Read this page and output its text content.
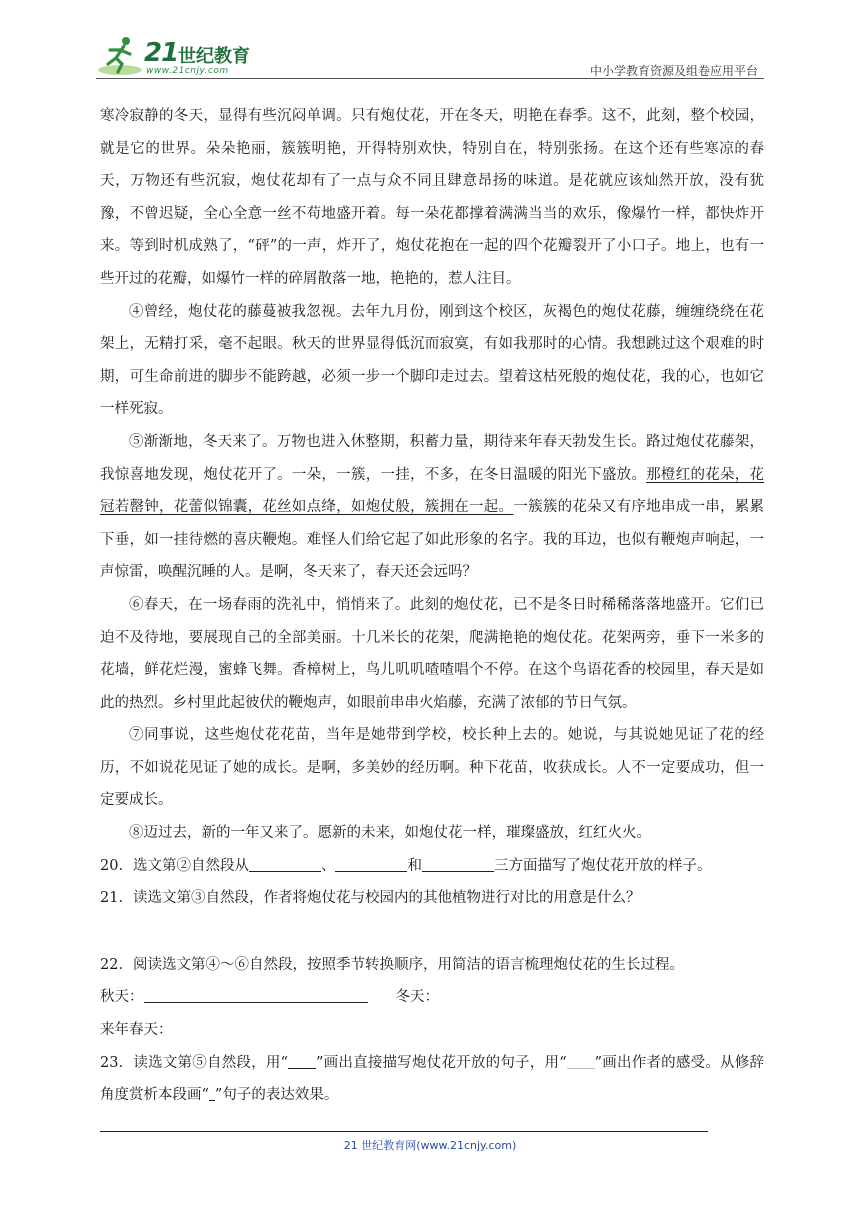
21 世纪教育
www.21cnjy.com	中小学教育资源及组卷应用平台

寒冷寂静的冬天，显得有些沉闷单调。只有炮仗花，开在冬天，明艳在春季。这不，此刻，整个校园，就是它的世界。朵朵艳丽，簇簇明艳，开得特别欢快，特别自在，特别张扬。在这个还有些寒凉的春天，万物还有些沉寂，炮仗花却有了一点与众不同且肆意昂扬的味道。是花就应该灿然开放，没有犹豫，不曾迟疑，全心全意一丝不苟地盛开着。每一朵花都撑着满满当当的欢乐，像爆竹一样，都快炸开来。等到时机成熟了，“砰”的一声，炸开了，炮仗花抱在一起的四个花瓣裂开了小口子。地上，也有一些开过的花瓣，如爆竹一样的碎屑散落一地，艳艳的，惹人注目。

④曾经，炮仗花的藤蔓被我忽视。去年九月份，刚到这个校区，灰褐色的炮仗花藤，缠缠绕绕在花架上，无精打采，毫不起眼。秋天的世界显得低沉而寂寞，有如我那时的心情。我想跳过这个艰难的时期，可生命前进的脚步不能跨越，必须一步一个脚印走过去。望着这枯死般的炮仗花，我的心，也如它一样死寂。

⑤渐渐地，冬天来了。万物也进入休整期，积蓄力量，期待来年春天勃发生长。路过炮仗花藤架，我惊喜地发现，炮仗花开了。一朵，一簇，一挂，不多，在冬日温暖的阳光下盛放。那橙红的花朵，花冠若罄钟，花蕾似锦囊，花丝如点绛，如炮仗般，簇拥在一起。一簇簇的花朵又有序地串成一串，累累下垂，如一挂待燃的喜庆鞭炮。难怪人们给它起了如此形象的名字。我的耳边，也似有鞭炮声响起，一声惊雷，唤醒沉睡的人。是啊，冬天来了，春天还会远吗？

⑥春天，在一场春雨的洗礼中，悄悄来了。此刻的炮仗花，已不是冬日时稀稀落落地盛开。它们已迫不及待地，要展现自己的全部美丽。十几米长的花架，爬满艳艳的炮仗花。花架两旁，垂下一米多的花墙，鲜花烂漫，蜜蜂飞舞。香樟树上，鸟儿叽叽喳喳唱个不停。在这个鸟语花香的校园里，春天是如此的热烈。乡村里此起彼伏的鞭炮声，如眼前串串火焰藤，充满了浓郁的节日气氛。

⑦同事说，这些炮仗花花苗，当年是她带到学校，校长种上去的。她说，与其说她见证了花的经历，不如说花见证了她的成长。是啊，多美妙的经历啊。种下花苗，收获成长。人不一定要成功，但一定要成长。

⑧迈过去，新的一年又来了。愿新的未来，如炮仗花一样，璀璨盛放，红红火火。

20．选文第②自然段从	、	和	三方面描写了炮仗花开放的样子。

21．读选文第③自然段，作者将炮仗花与校园内的其他植物进行对比的用意是什么？

22．阅读选文第④～⑥自然段，按照季节转换顺序，用简洁的语言梳理炮仗花的生长过程。

秋天：	冬天：

来年春天：

23．读选文第⑤自然段，用“ ”画出直接描写炮仗花开放的句子，用“ ”画出作者的感受。从修辞角度赏析本段画“ ”句子的表达效果。

21 世纪教育网(www.21cnjy.com)
